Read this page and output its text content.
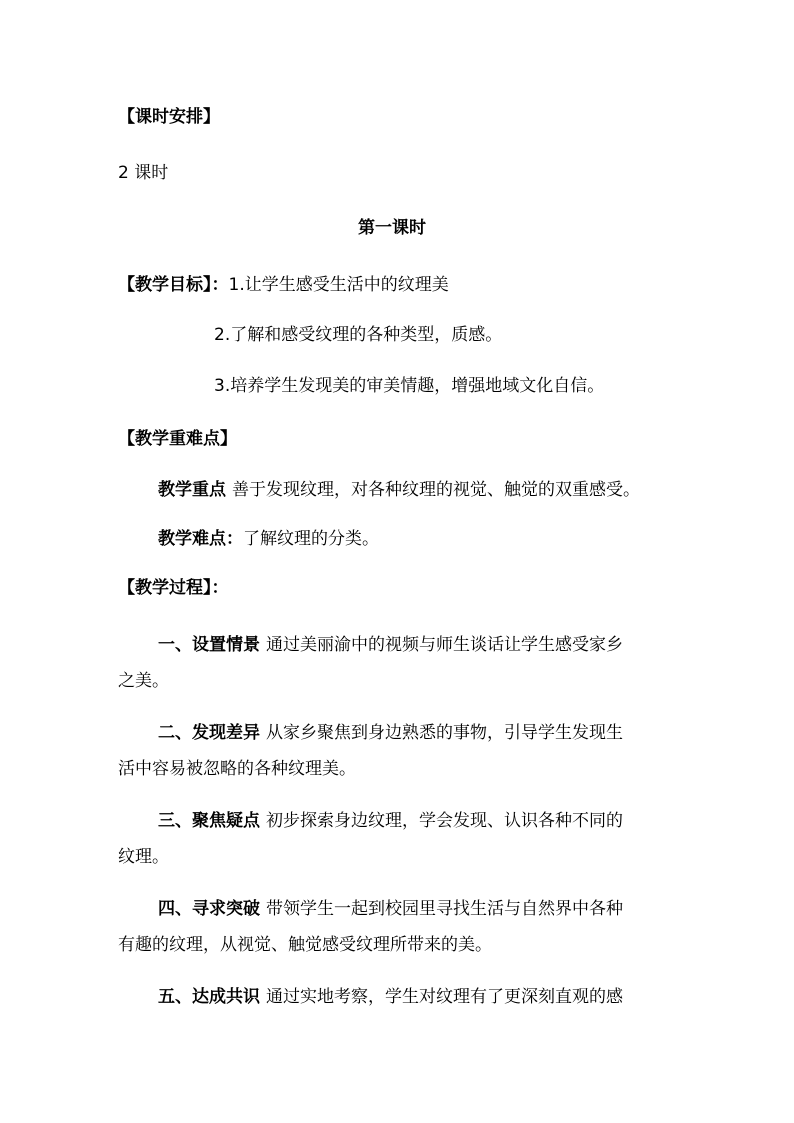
【课时安排】
2 课时
第一课时
【教学目标】：1.让学生感受生活中的纹理美
2.了解和感受纹理的各种类型，质感。
3.培养学生发现美的审美情趣，增强地域文化自信。
【教学重难点】
教学重点 善于发现纹理，对各种纹理的视觉、触觉的双重感受。
教学难点：了解纹理的分类。
【教学过程】：
一、设置情景 通过美丽渝中的视频与师生谈话让学生感受家乡
之美。
二、发现差异 从家乡聚焦到身边熟悉的事物，引导学生发现生
活中容易被忽略的各种纹理美。
三、聚焦疑点 初步探索身边纹理，学会发现、认识各种不同的
纹理。
四、寻求突破 带领学生一起到校园里寻找生活与自然界中各种
有趣的纹理，从视觉、触觉感受纹理所带来的美。
五、达成共识 通过实地考察，学生对纹理有了更深刻直观的感
